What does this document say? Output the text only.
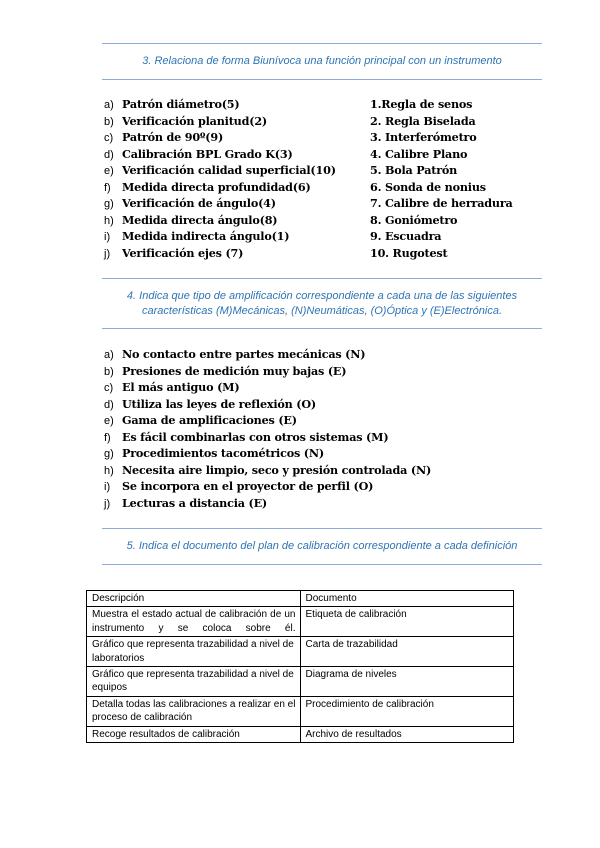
3. Relaciona de forma Biunívoca una función principal con un instrumento
a) Patrón diámetro(5)
b) Verificación planitud(2)
c) Patrón de 90º(9)
d) Calibración BPL Grado K(3)
e) Verificación calidad superficial(10)
f) Medida directa profundidad(6)
g) Verificación de ángulo(4)
h) Medida directa ángulo(8)
i) Medida indirecta ángulo(1)
j) Verificación ejes (7)
1.Regla de senos
2. Regla Biselada
3. Interferómetro
4. Calibre Plano
5. Bola Patrón
6. Sonda de nonius
7. Calibre de herradura
8. Goniómetro
9. Escuadra
10. Rugotest
4. Indica que tipo de amplificación correspondiente a cada una de las siguientes
características (M)Mecánicas, (N)Neumáticas, (O)Óptica y (E)Electrónica.
a) No contacto entre partes mecánicas (N)
b) Presiones de medición muy bajas (E)
c) El más antiguo (M)
d) Utiliza las leyes de reflexión (O)
e) Gama de amplificaciones (E)
f) Es fácil combinarlas con otros sistemas (M)
g) Procedimientos tacométricos (N)
h) Necesita aire limpio, seco y presión controlada (N)
i) Se incorpora en el proyector de perfil (O)
j) Lecturas a distancia (E)
5. Indica el documento del plan de calibración correspondiente a cada definición
Descripción	Documento
Muestra el estado actual de calibración de un instrumento y se coloca sobre él.	Etiqueta de calibración
Gráfico que representa trazabilidad a nivel de laboratorios	Carta de trazabilidad
Gráfico que representa trazabilidad a nivel de equipos	Diagrama de niveles
Detalla todas las calibraciones a realizar en el proceso de calibración	Procedimiento de calibración
Recoge resultados de calibración	Archivo de resultados
